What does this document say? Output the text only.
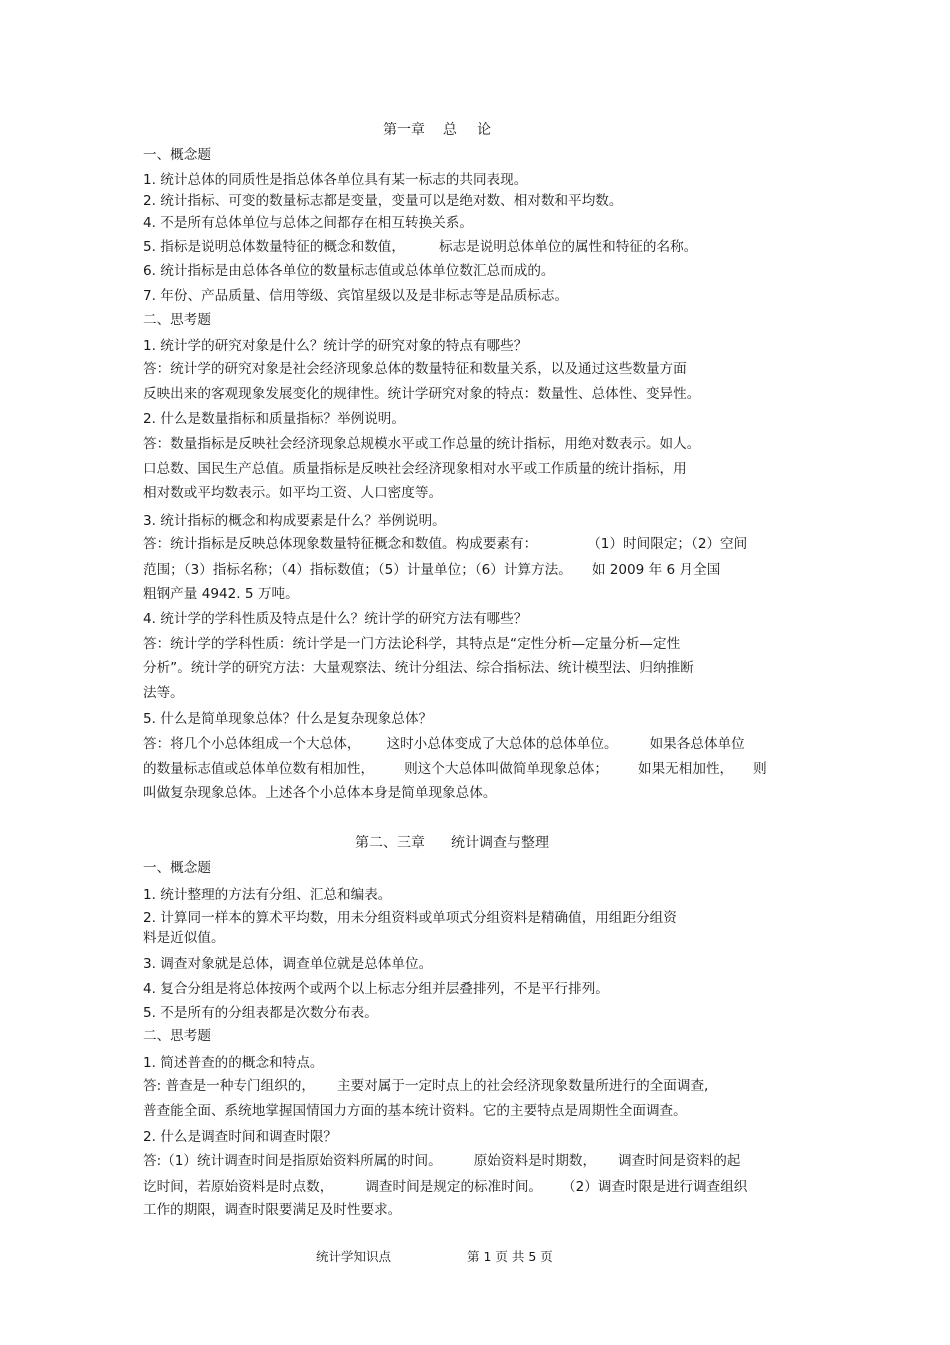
第一章 总 论
一、概念题
1. 统计总体的同质性是指总体各单位具有某一标志的共同表现。
2. 统计指标、可变的数量标志都是变量，变量可以是绝对数、相对数和平均数。
4. 不是所有总体单位与总体之间都存在相互转换关系。
5. 指标是说明总体数量特征的概念和数值，	标志是说明总体单位的属性和特征的名称。
6. 统计指标是由总体各单位的数量标志值或总体单位数汇总而成的。
7. 年份、产品质量、信用等级、宾馆星级以及是非标志等是品质标志。
二、思考题
1. 统计学的研究对象是什么？统计学的研究对象的特点有哪些？
答：统计学的研究对象是社会经济现象总体的数量特征和数量关系，以及通过这些数量方面
反映出来的客观现象发展变化的规律性。统计学研究对象的特点：数量性、总体性、变异性。
2. 什么是数量指标和质量指标？举例说明。
答：数量指标是反映社会经济现象总规模水平或工作总量的统计指标，用绝对数表示。如人。
口总数、国民生产总值。质量指标是反映社会经济现象相对水平或工作质量的统计指标，用
相对数或平均数表示。如平均工资、人口密度等。
3. 统计指标的概念和构成要素是什么？举例说明。
答：统计指标是反映总体现象数量特征概念和数值。构成要素有：	（1）时间限定；（2）空间
范围；（3）指标名称；（4）指标数值；（5）计量单位；（6）计算方法。 如 2009 年 6 月全国
粗钢产量 4942. 5 万吨。
4. 统计学的学科性质及特点是什么？统计学的研究方法有哪些？
答：统计学的学科性质：统计学是一门方法论科学，其特点是“定性分析—定量分析—定性
分析”。统计学的研究方法：大量观察法、统计分组法、综合指标法、统计模型法、归纳推断
法等。
5. 什么是简单现象总体？什么是复杂现象总体？
答：将几个小总体组成一个大总体， 这时小总体变成了大总体的总体单位。 如果各总体单位
的数量标志值或总体单位数有相加性， 则这个大总体叫做简单现象总体； 如果无相加性， 则
叫做复杂现象总体。上述各个小总体本身是简单现象总体。
第二、三章 统计调查与整理
一、概念题
1. 统计整理的方法有分组、汇总和编表。
2. 计算同一样本的算术平均数，用未分组资料或单项式分组资料是精确值，用组距分组资
料是近似值。
3. 调查对象就是总体，调查单位就是总体单位。
4. 复合分组是将总体按两个或两个以上标志分组并层叠排列，不是平行排列。
5. 不是所有的分组表都是次数分布表。
二、思考题
1. 简述普查的的概念和特点。
答: 普查是一种专门组织的， 主要对属于一定时点上的社会经济现象数量所进行的全面调查,
普查能全面、系统地掌握国情国力方面的基本统计资料。它的主要特点是周期性全面调查。
2. 什么是调查时间和调查时限？
答:（1）统计调查时间是指原始资料所属的时间。 原始资料是时期数， 调查时间是资料的起
讫时间，若原始资料是时点数， 调查时间是规定的标准时间。 （2）调查时限是进行调查组织
工作的期限，调查时限要满足及时性要求。
统计学知识点	第 1 页 共 5 页
